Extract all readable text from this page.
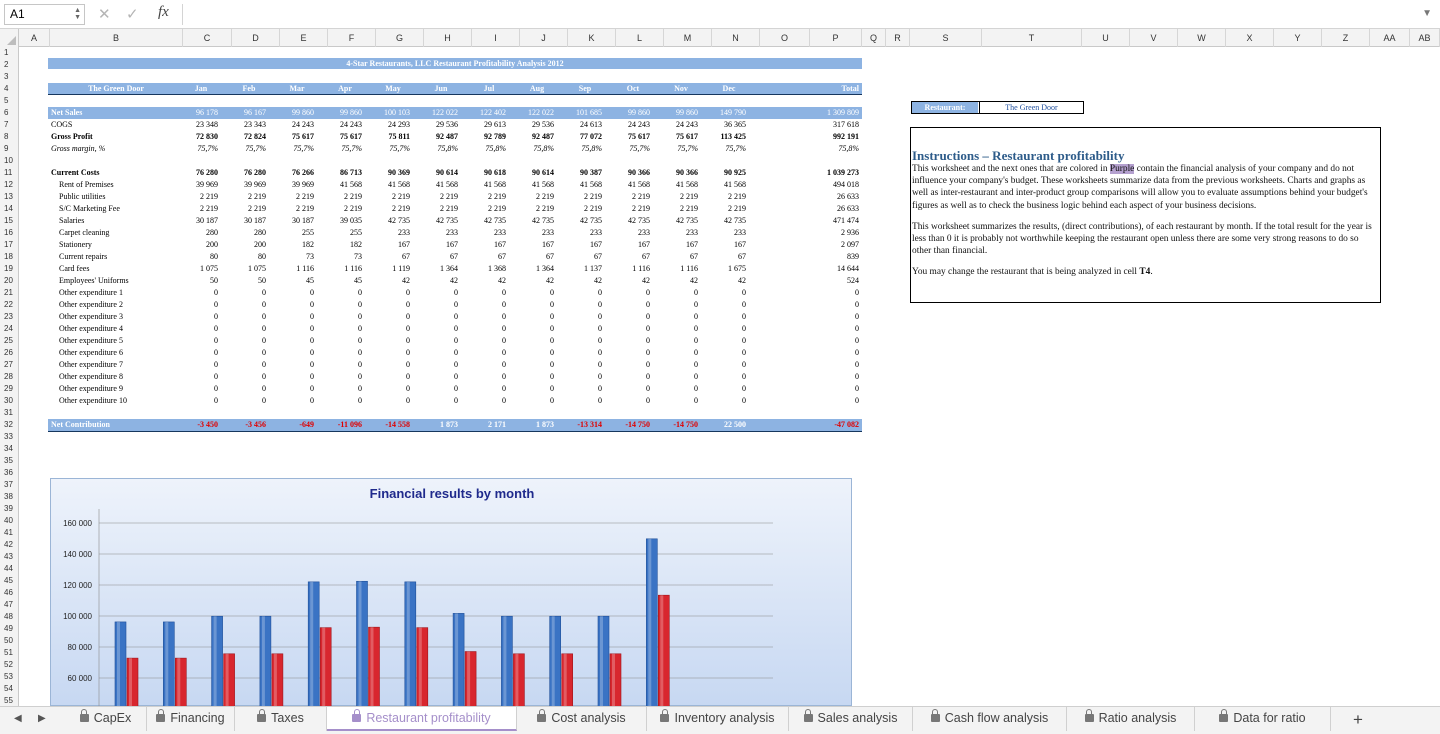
A1	▲
▼ ✕ ✓ fx	▼
A	B	C	D	E	F	G	H	I	J	K	L	M	N	O	P	Q	R	S	T	U	V	W	X	Y	Z	AA	AB
1
2
3
4
5
6
7
8
9
10
11
12
13
14
15
16
17
18
19
20
21
22
23
24
25
26
27
28
29
30
31
32
33
34
35
36
37
38
39
40
41
42
43
44
45
46
47
48
49
50
51
52
53
54
55
4-Star Restaurants, LLC Restaurant Profitability Analysis 2012
The Green Door	Jan	Feb	Mar	Apr	May	Jun	Jul	Aug	Sep	Oct	Nov	Dec	Total
Net Sales	96 178	96 167	99 860	99 860	100 103	122 022	122 402	122 022	101 685	99 860	99 860	149 790	1 309 809
COGS	23 348	23 343	24 243	24 243	24 293	29 536	29 613	29 536	24 613	24 243	24 243	36 365	317 618
Gross Profit	72 830	72 824	75 617	75 617	75 811	92 487	92 789	92 487	77 072	75 617	75 617	113 425	992 191
Gross margin, %	75,7%	75,7%	75,7%	75,7%	75,7%	75,8%	75,8%	75,8%	75,8%	75,7%	75,7%	75,7%	75,8%
Current Costs	76 280	76 280	76 266	86 713	90 369	90 614	90 618	90 614	90 387	90 366	90 366	90 925	1 039 273
Rent of Premises	39 969	39 969	39 969	41 568	41 568	41 568	41 568	41 568	41 568	41 568	41 568	41 568	494 018
Public utilities	2 219	2 219	2 219	2 219	2 219	2 219	2 219	2 219	2 219	2 219	2 219	2 219	26 633
S/C Marketing Fee	2 219	2 219	2 219	2 219	2 219	2 219	2 219	2 219	2 219	2 219	2 219	2 219	26 633
Salaries	30 187	30 187	30 187	39 035	42 735	42 735	42 735	42 735	42 735	42 735	42 735	42 735	471 474
Carpet cleaning	280	280	255	255	233	233	233	233	233	233	233	233	2 936
Stationery	200	200	182	182	167	167	167	167	167	167	167	167	2 097
Current repairs	80	80	73	73	67	67	67	67	67	67	67	67	839
Card fees	1 075	1 075	1 116	1 116	1 119	1 364	1 368	1 364	1 137	1 116	1 116	1 675	14 644
Employees' Uniforms	50	50	45	45	42	42	42	42	42	42	42	42	524
Other expenditure 1	0	0	0	0	0	0	0	0	0	0	0	0	0
Other expenditure 2	0	0	0	0	0	0	0	0	0	0	0	0	0
Other expenditure 3	0	0	0	0	0	0	0	0	0	0	0	0	0
Other expenditure 4	0	0	0	0	0	0	0	0	0	0	0	0	0
Other expenditure 5	0	0	0	0	0	0	0	0	0	0	0	0	0
Other expenditure 6	0	0	0	0	0	0	0	0	0	0	0	0	0
Other expenditure 7	0	0	0	0	0	0	0	0	0	0	0	0	0
Other expenditure 8	0	0	0	0	0	0	0	0	0	0	0	0	0
Other expenditure 9	0	0	0	0	0	0	0	0	0	0	0	0	0
Other expenditure 10	0	0	0	0	0	0	0	0	0	0	0	0	0
Net Contribution	-3 450	-3 456	-649	-11 096	-14 558	1 873	2 171	1 873	-13 314	-14 750	-14 750	22 500	-47 082
Restaurant:	The Green Door
Instructions – Restaurant profitability

This worksheet and the next ones that are colored in Purple contain the financial analysis of your company and do not influence your company's budget. These worksheets summarize data from the previous worksheets. Charts and graphs as well as inter-restaurant and inter-product group comparisons will allow you to evaluate assumptions behind your budget's figures as well as to check the business logic behind each aspect of your business decisions.

This worksheet summarizes the results, (direct contributions), of each restaurant by month. If the total result for the year is less than 0 it is probably not worthwhile keeping the restaurant open unless there are some very strong reasons to do so other than financial.

You may change the restaurant that is being analyzed in cell T4.

Financial results by month
160 000
140 000
120 000
100 000
80 000
60 000
◀ ▶	CapEx	Financing	Taxes	Restaurant profitability	Cost analysis	Inventory analysis	Sales analysis	Cash flow analysis	Ratio analysis	Data for ratio	+
